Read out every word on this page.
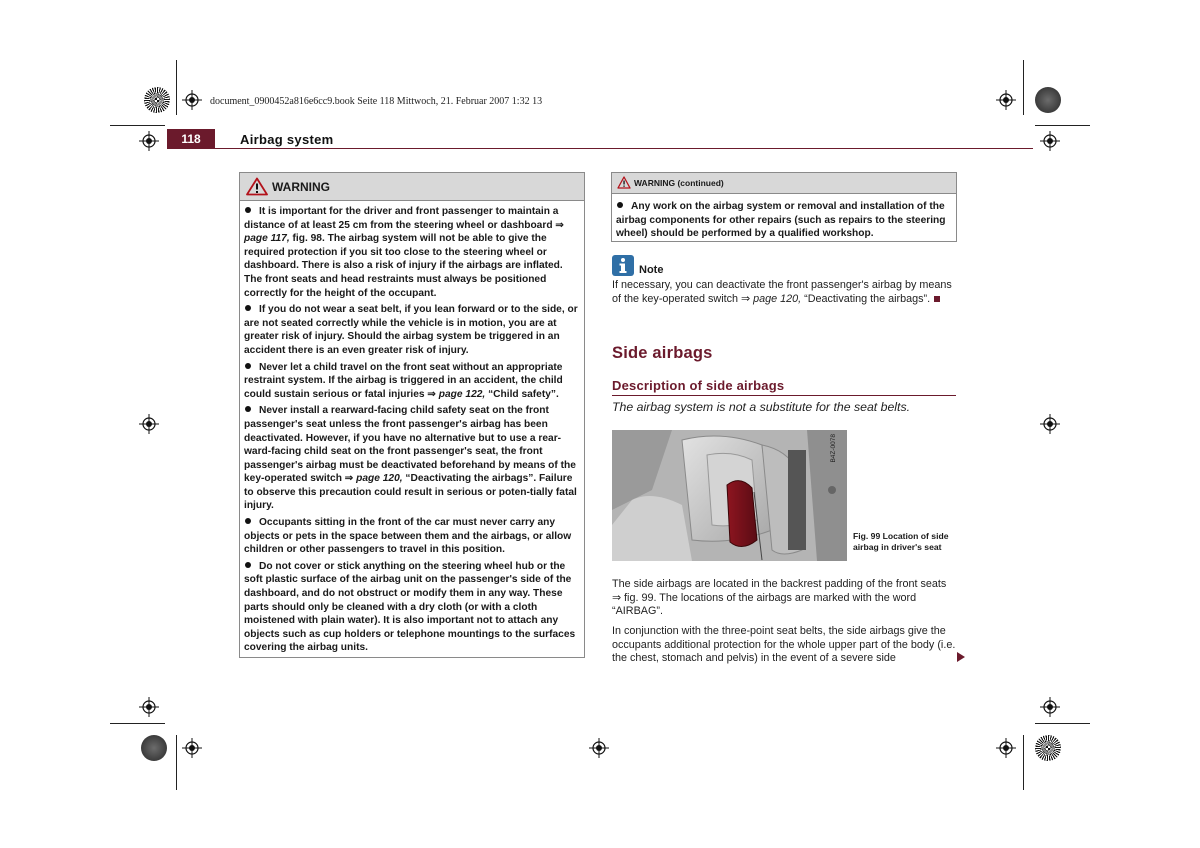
document_0900452a816e6cc9.book Seite 118 Mittwoch, 21. Februar 2007 1:32 13
118	Airbag system
WARNING

It is important for the driver and front passenger to maintain a distance of at least 25 cm from the steering wheel or dashboard ⇒ page 117, fig. 98. The airbag system will not be able to give the required protection if you sit too close to the steering wheel or dashboard. There is also a risk of injury if the airbags are inflated. The front seats and head restraints must always be positioned correctly for the height of the occupant.

If you do not wear a seat belt, if you lean forward or to the side, or are not seated correctly while the vehicle is in motion, you are at greater risk of injury. Should the airbag system be triggered in an accident there is an even greater risk of injury.

Never let a child travel on the front seat without an appropriate restraint system. If the airbag is triggered in an accident, the child could sustain serious or fatal injuries ⇒ page 122, “Child safety”.

Never install a rearward-facing child safety seat on the front passenger's seat unless the front passenger's airbag has been deactivated. However, if you have no alternative but to use a rear-ward-facing child seat on the front passenger's seat, the front passenger's airbag must be deactivated beforehand by means of the key-operated switch ⇒ page 120, “Deactivating the airbags”. Failure to observe this precaution could result in serious or poten-tially fatal injury.

Occupants sitting in the front of the car must never carry any objects or pets in the space between them and the airbags, or allow children or other passengers to travel in this position.

Do not cover or stick anything on the steering wheel hub or the soft plastic surface of the airbag unit on the passenger's side of the dashboard, and do not obstruct or modify them in any way. These parts should only be cleaned with a dry cloth (or with a cloth moistened with plain water). It is also important not to attach any objects such as cup holders or telephone mountings to the surfaces covering the airbag units.

WARNING (continued)
Any work on the airbag system or removal and installation of the airbag components for other repairs (such as repairs to the steering wheel) should be performed by a qualified workshop.
Note
If necessary, you can deactivate the front passenger's airbag by means of the key-operated switch ⇒ page 120, “Deactivating the airbags”.
Side airbags
Description of side airbags
The airbag system is not a substitute for the seat belts.
B4Z-0078
Fig. 99 Location of side airbag in driver's seat
The side airbags are located in the backrest padding of the front seats ⇒ fig. 99. The locations of the airbags are marked with the word “AIRBAG”.
In conjunction with the three-point seat belts, the side airbags give the occupants additional protection for the whole upper part of the body (i.e. the chest, stomach and pelvis) in the event of a severe side
